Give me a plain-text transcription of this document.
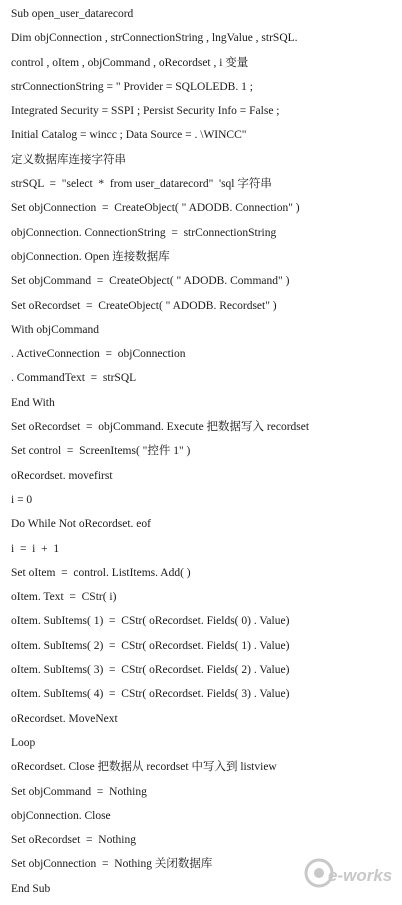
Sub open_user_datarecord
Dim objConnection , strConnectionString , lngValue , strSQL.
control , oItem , objCommand , oRecordset , i 变量
strConnectionString = " Provider = SQLOLEDB. 1 ;
Integrated Security = SSPI ; Persist Security Info = False ;
Initial Catalog = wincc ; Data Source = . \WINCC"
定义数据库连接字符串
strSQL  =  "select  *  from user_datarecord"  'sql 字符串
Set objConnection  =  CreateObject( " ADODB. Connection" )
objConnection. ConnectionString  =  strConnectionString
objConnection. Open 连接数据库
Set objCommand  =  CreateObject( " ADODB. Command" )
Set oRecordset  =  CreateObject( " ADODB. Recordset" )
With objCommand
. ActiveConnection  =  objConnection
. CommandText  =  strSQL
End With
Set oRecordset  =  objCommand. Execute 把数据写入 recordset
Set control  =  ScreenItems( "控件 1" )
oRecordset. movefirst
i = 0
Do While Not oRecordset. eof
i  =  i  +  1
Set oItem  =  control. ListItems. Add( )
oItem. Text  =  CStr( i)
oItem. SubItems( 1)  =  CStr( oRecordset. Fields( 0) . Value)
oItem. SubItems( 2)  =  CStr( oRecordset. Fields( 1) . Value)
oItem. SubItems( 3)  =  CStr( oRecordset. Fields( 2) . Value)
oItem. SubItems( 4)  =  CStr( oRecordset. Fields( 3) . Value)
oRecordset. MoveNext
Loop
oRecordset. Close 把数据从 recordset 中写入到 listview
Set objCommand  =  Nothing
objConnection. Close
Set oRecordset  =  Nothing
Set objConnection  =  Nothing 关闭数据库
End Sub
e-works
